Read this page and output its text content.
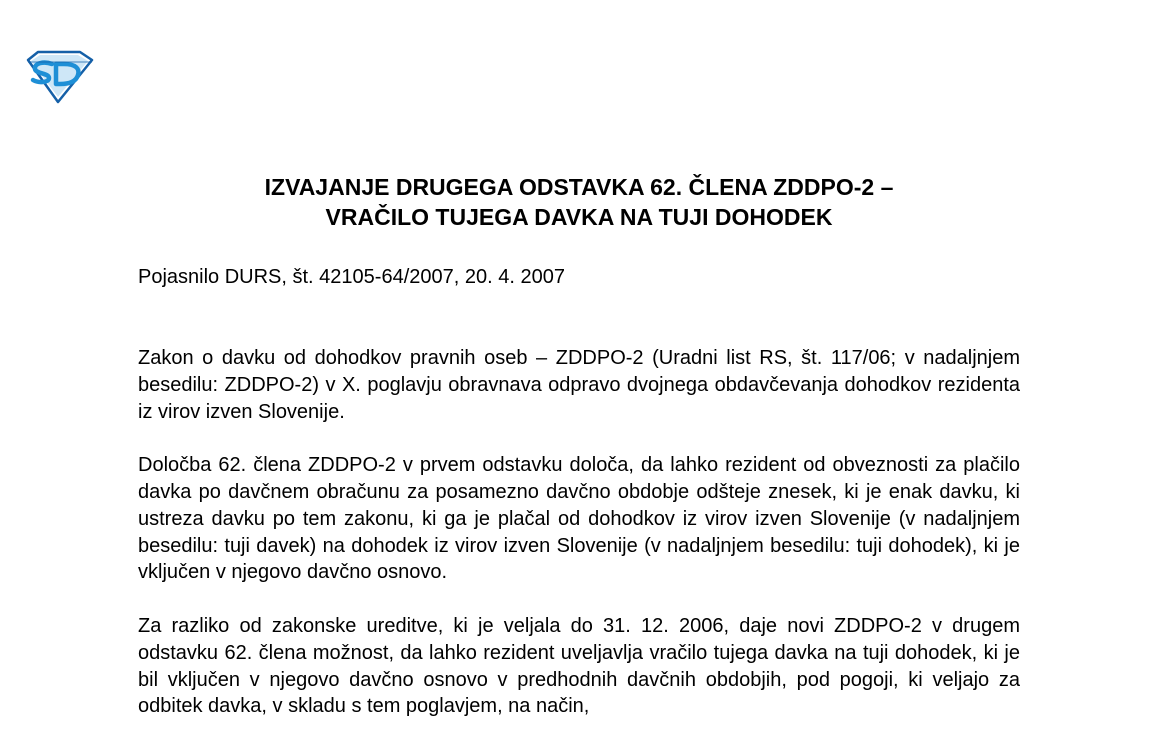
IZVAJANJE DRUGEGA ODSTAVKA 62. ČLENA ZDDPO-2 –
VRAČILO TUJEGA DAVKA NA TUJI DOHODEK

Pojasnilo DURS, št. 42105-64/2007, 20. 4. 2007

Zakon o davku od dohodkov pravnih oseb – ZDDPO-2 (Uradni list RS, št. 117/06; v nadaljnjem besedilu: ZDDPO-2) v X. poglavju obravnava odpravo dvojnega obdavčevanja dohodkov rezidenta iz virov izven Slovenije.

Določba 62. člena ZDDPO-2 v prvem odstavku določa, da lahko rezident od obveznosti za plačilo davka po davčnem obračunu za posamezno davčno obdobje odšteje znesek, ki je enak davku, ki ustreza davku po tem zakonu, ki ga je plačal od dohodkov iz virov izven Slovenije (v nadaljnjem besedilu: tuji davek) na dohodek iz virov izven Slovenije (v nadaljnjem besedilu: tuji dohodek), ki je vključen v njegovo davčno osnovo.

Za razliko od zakonske ureditve, ki je veljala do 31. 12. 2006, daje novi ZDDPO-2 v drugem odstavku 62. člena možnost, da lahko rezident uveljavlja vračilo tujega davka na tuji dohodek, ki je bil vključen v njegovo davčno osnovo v predhodnih davčnih obdobjih, pod pogoji, ki veljajo za odbitek davka, v skladu s tem poglavjem, na način,
